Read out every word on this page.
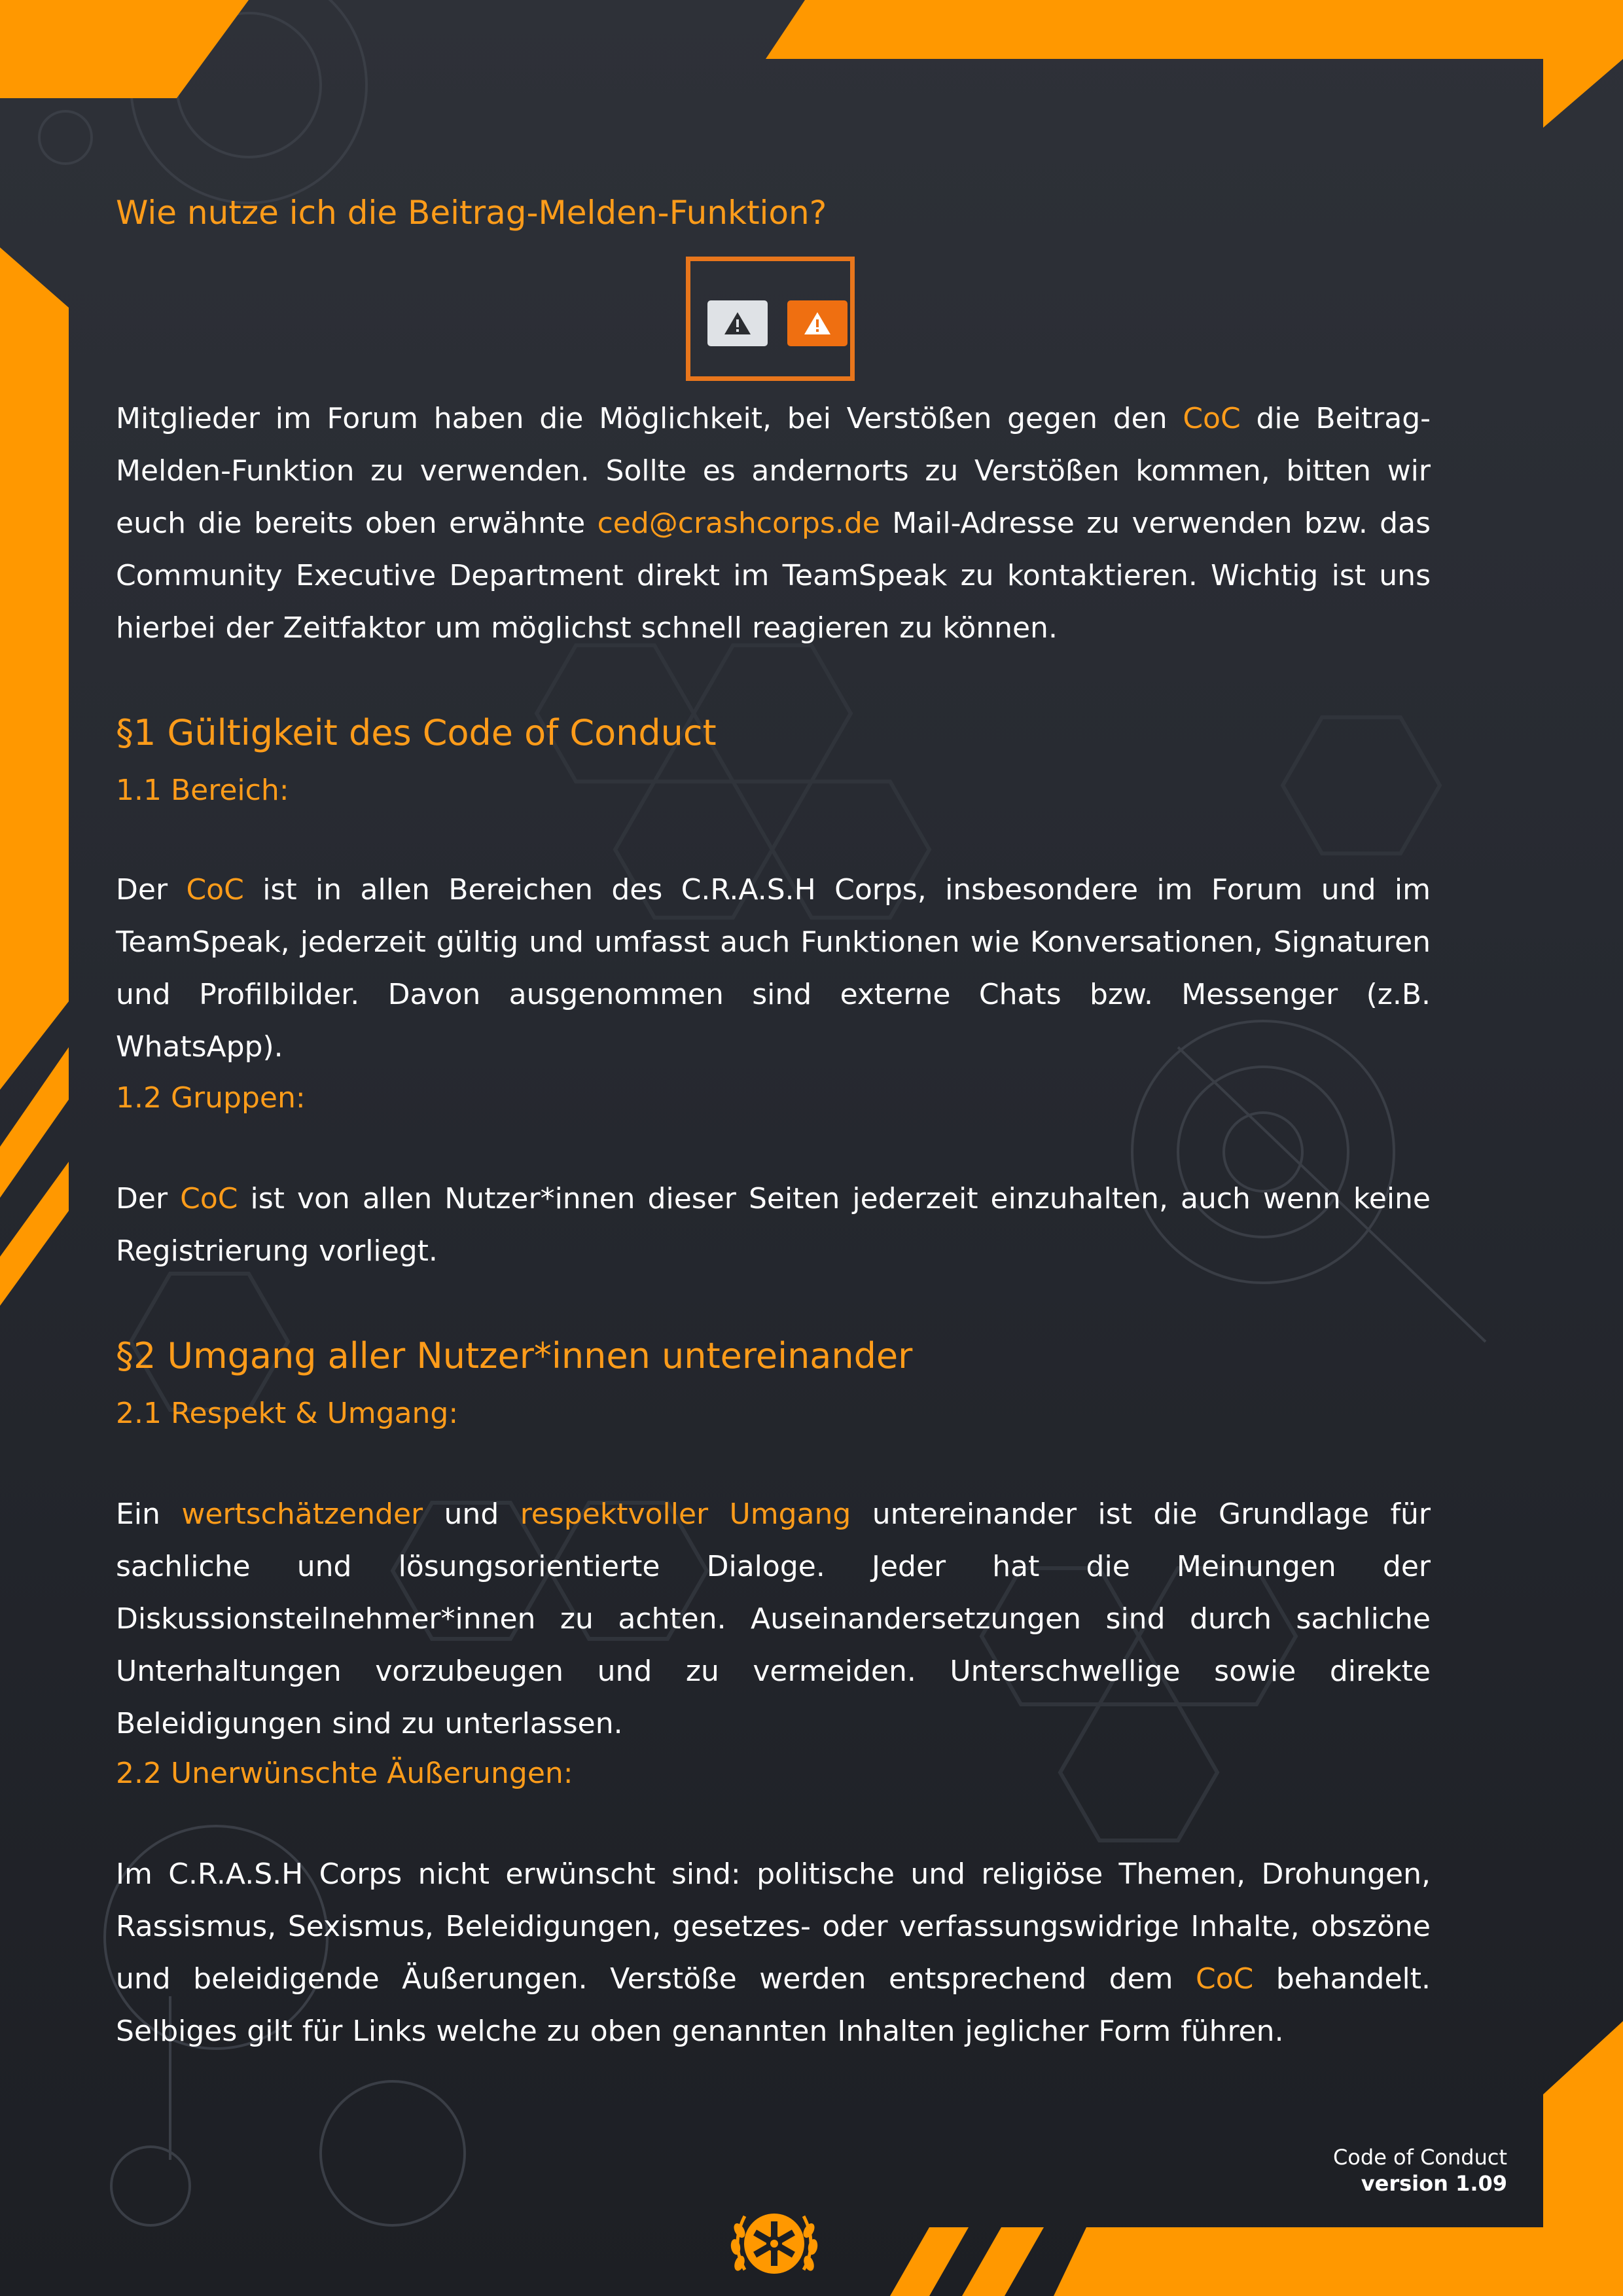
Wie nutze ich die Beitrag-Melden-Funktion?

Mitglieder im Forum haben die Möglichkeit, bei Verstößen gegen den CoC die Beitrag-Melden-Funktion zu verwenden. Sollte es andernorts zu Verstößen kommen, bitten wir euch die bereits oben erwähnte ced@crashcorps.de Mail-Adresse zu verwenden bzw. das Community Executive Department direkt im TeamSpeak zu kontaktieren. Wichtig ist uns hierbei der Zeitfaktor um möglichst schnell reagieren zu können.

§1 Gültigkeit des Code of Conduct
1.1 Bereich:

Der CoC ist in allen Bereichen des C.R.A.S.H Corps, insbesondere im Forum und im TeamSpeak, jederzeit gültig und umfasst auch Funktionen wie Konversationen, Signaturen und Profilbilder. Davon ausgenommen sind externe Chats bzw. Messenger (z.B. WhatsApp).

1.2 Gruppen:

Der CoC ist von allen Nutzer*innen dieser Seiten jederzeit einzuhalten, auch wenn keine Registrierung vorliegt.

§2 Umgang aller Nutzer*innen untereinander
2.1 Respekt & Umgang:

Ein wertschätzender und respektvoller Umgang untereinander ist die Grundlage für sachliche und lösungsorientierte Dialoge. Jeder hat die Meinungen der Diskussionsteilnehmer*innen zu achten. Auseinandersetzungen sind durch sachliche Unterhaltungen vorzubeugen und zu vermeiden. Unterschwellige sowie direkte Beleidigungen sind zu unterlassen.

2.2 Unerwünschte Äußerungen:

Im C.R.A.S.H Corps nicht erwünscht sind: politische und religiöse Themen, Drohungen, Rassismus, Sexismus, Beleidigungen, gesetzes- oder verfassungswidrige Inhalte, obszöne und beleidigende Äußerungen. Verstöße werden entsprechend dem CoC behandelt. Selbiges gilt für Links welche zu oben genannten Inhalten jeglicher Form führen.

Code of Conduct
version 1.09
